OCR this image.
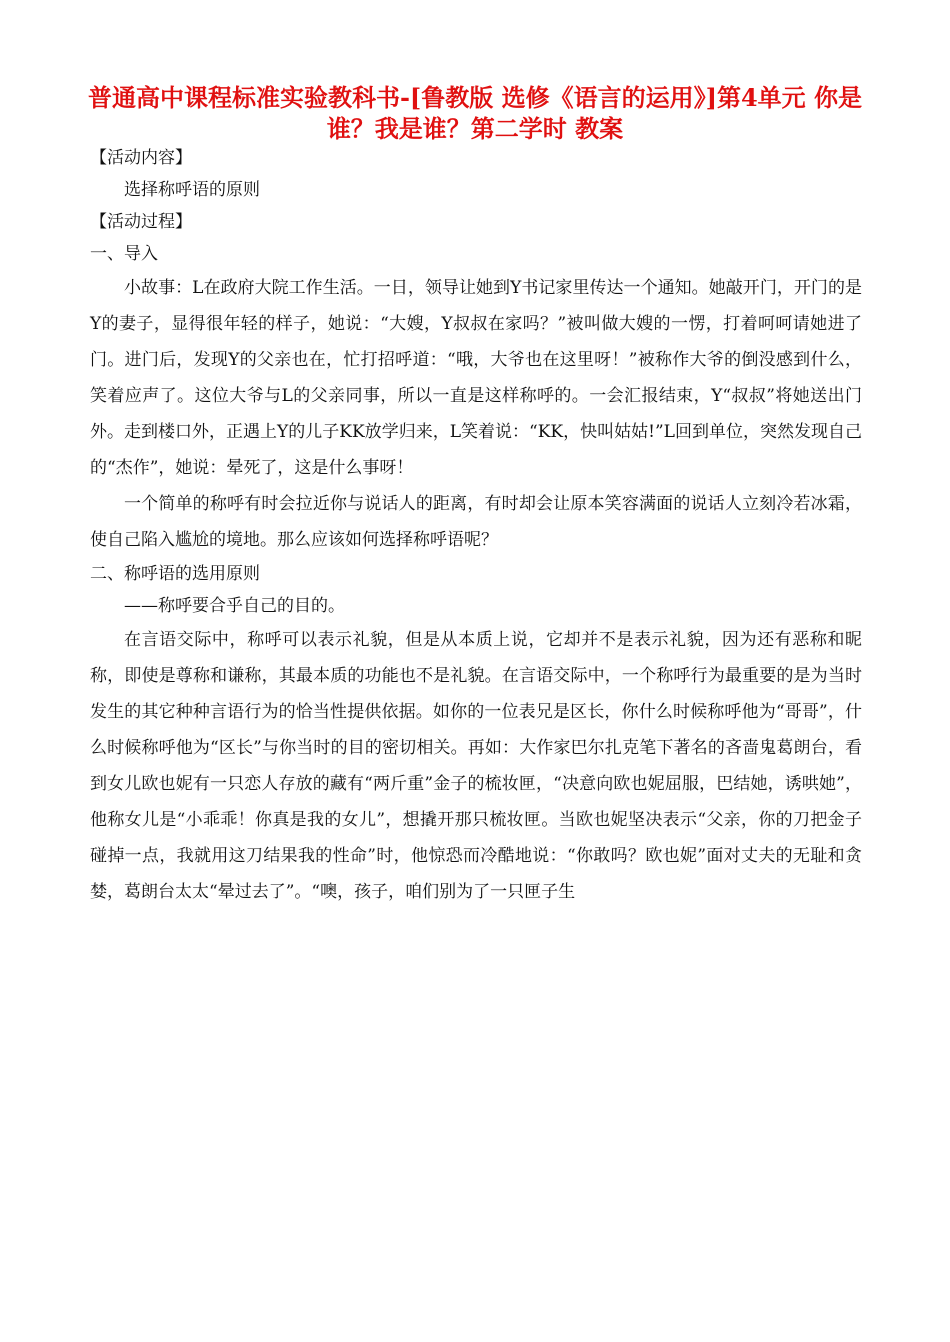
普通高中课程标准实验教科书-[鲁教版 选修《语言的运用》]第4单元 你是谁？我是谁？第二学时 教案

【活动内容】

选择称呼语的原则

【活动过程】

一、导入

小故事：L在政府大院工作生活。一日，领导让她到Y书记家里传达一个通知。她敲开门，开门的是Y的妻子，显得很年轻的样子，她说：“大嫂，Y叔叔在家吗？”被叫做大嫂的一愣，打着呵呵请她进了门。进门后，发现Y的父亲也在，忙打招呼道：“哦，大爷也在这里呀！”被称作大爷的倒没感到什么，笑着应声了。这位大爷与L的父亲同事，所以一直是这样称呼的。一会汇报结束，Y“叔叔”将她送出门外。走到楼口外，正遇上Y的儿子KK放学归来，L笑着说：“KK，快叫姑姑!”L回到单位，突然发现自己的“杰作”，她说：晕死了，这是什么事呀！

一个简单的称呼有时会拉近你与说话人的距离，有时却会让原本笑容满面的说话人立刻冷若冰霜，使自己陷入尴尬的境地。那么应该如何选择称呼语呢？

二、称呼语的选用原则

——称呼要合乎自己的目的。

在言语交际中，称呼可以表示礼貌，但是从本质上说，它却并不是表示礼貌，因为还有恶称和昵称，即使是尊称和谦称，其最本质的功能也不是礼貌。在言语交际中，一个称呼行为最重要的是为当时发生的其它种种言语行为的恰当性提供依据。如你的一位表兄是区长，你什么时候称呼他为“哥哥”，什么时候称呼他为“区长”与你当时的目的密切相关。再如：大作家巴尔扎克笔下著名的吝啬鬼葛朗台，看到女儿欧也妮有一只恋人存放的藏有“两斤重”金子的梳妆匣，“决意向欧也妮屈服，巴结她，诱哄她”，他称女儿是“小乖乖！你真是我的女儿”，想撬开那只梳妆匣。当欧也妮坚决表示“父亲，你的刀把金子碰掉一点，我就用这刀结果我的性命”时，他惊恐而冷酷地说：“你敢吗？欧也妮”面对丈夫的无耻和贪婪，葛朗台太太“晕过去了”。“噢，孩子，咱们别为了一只匣子生
